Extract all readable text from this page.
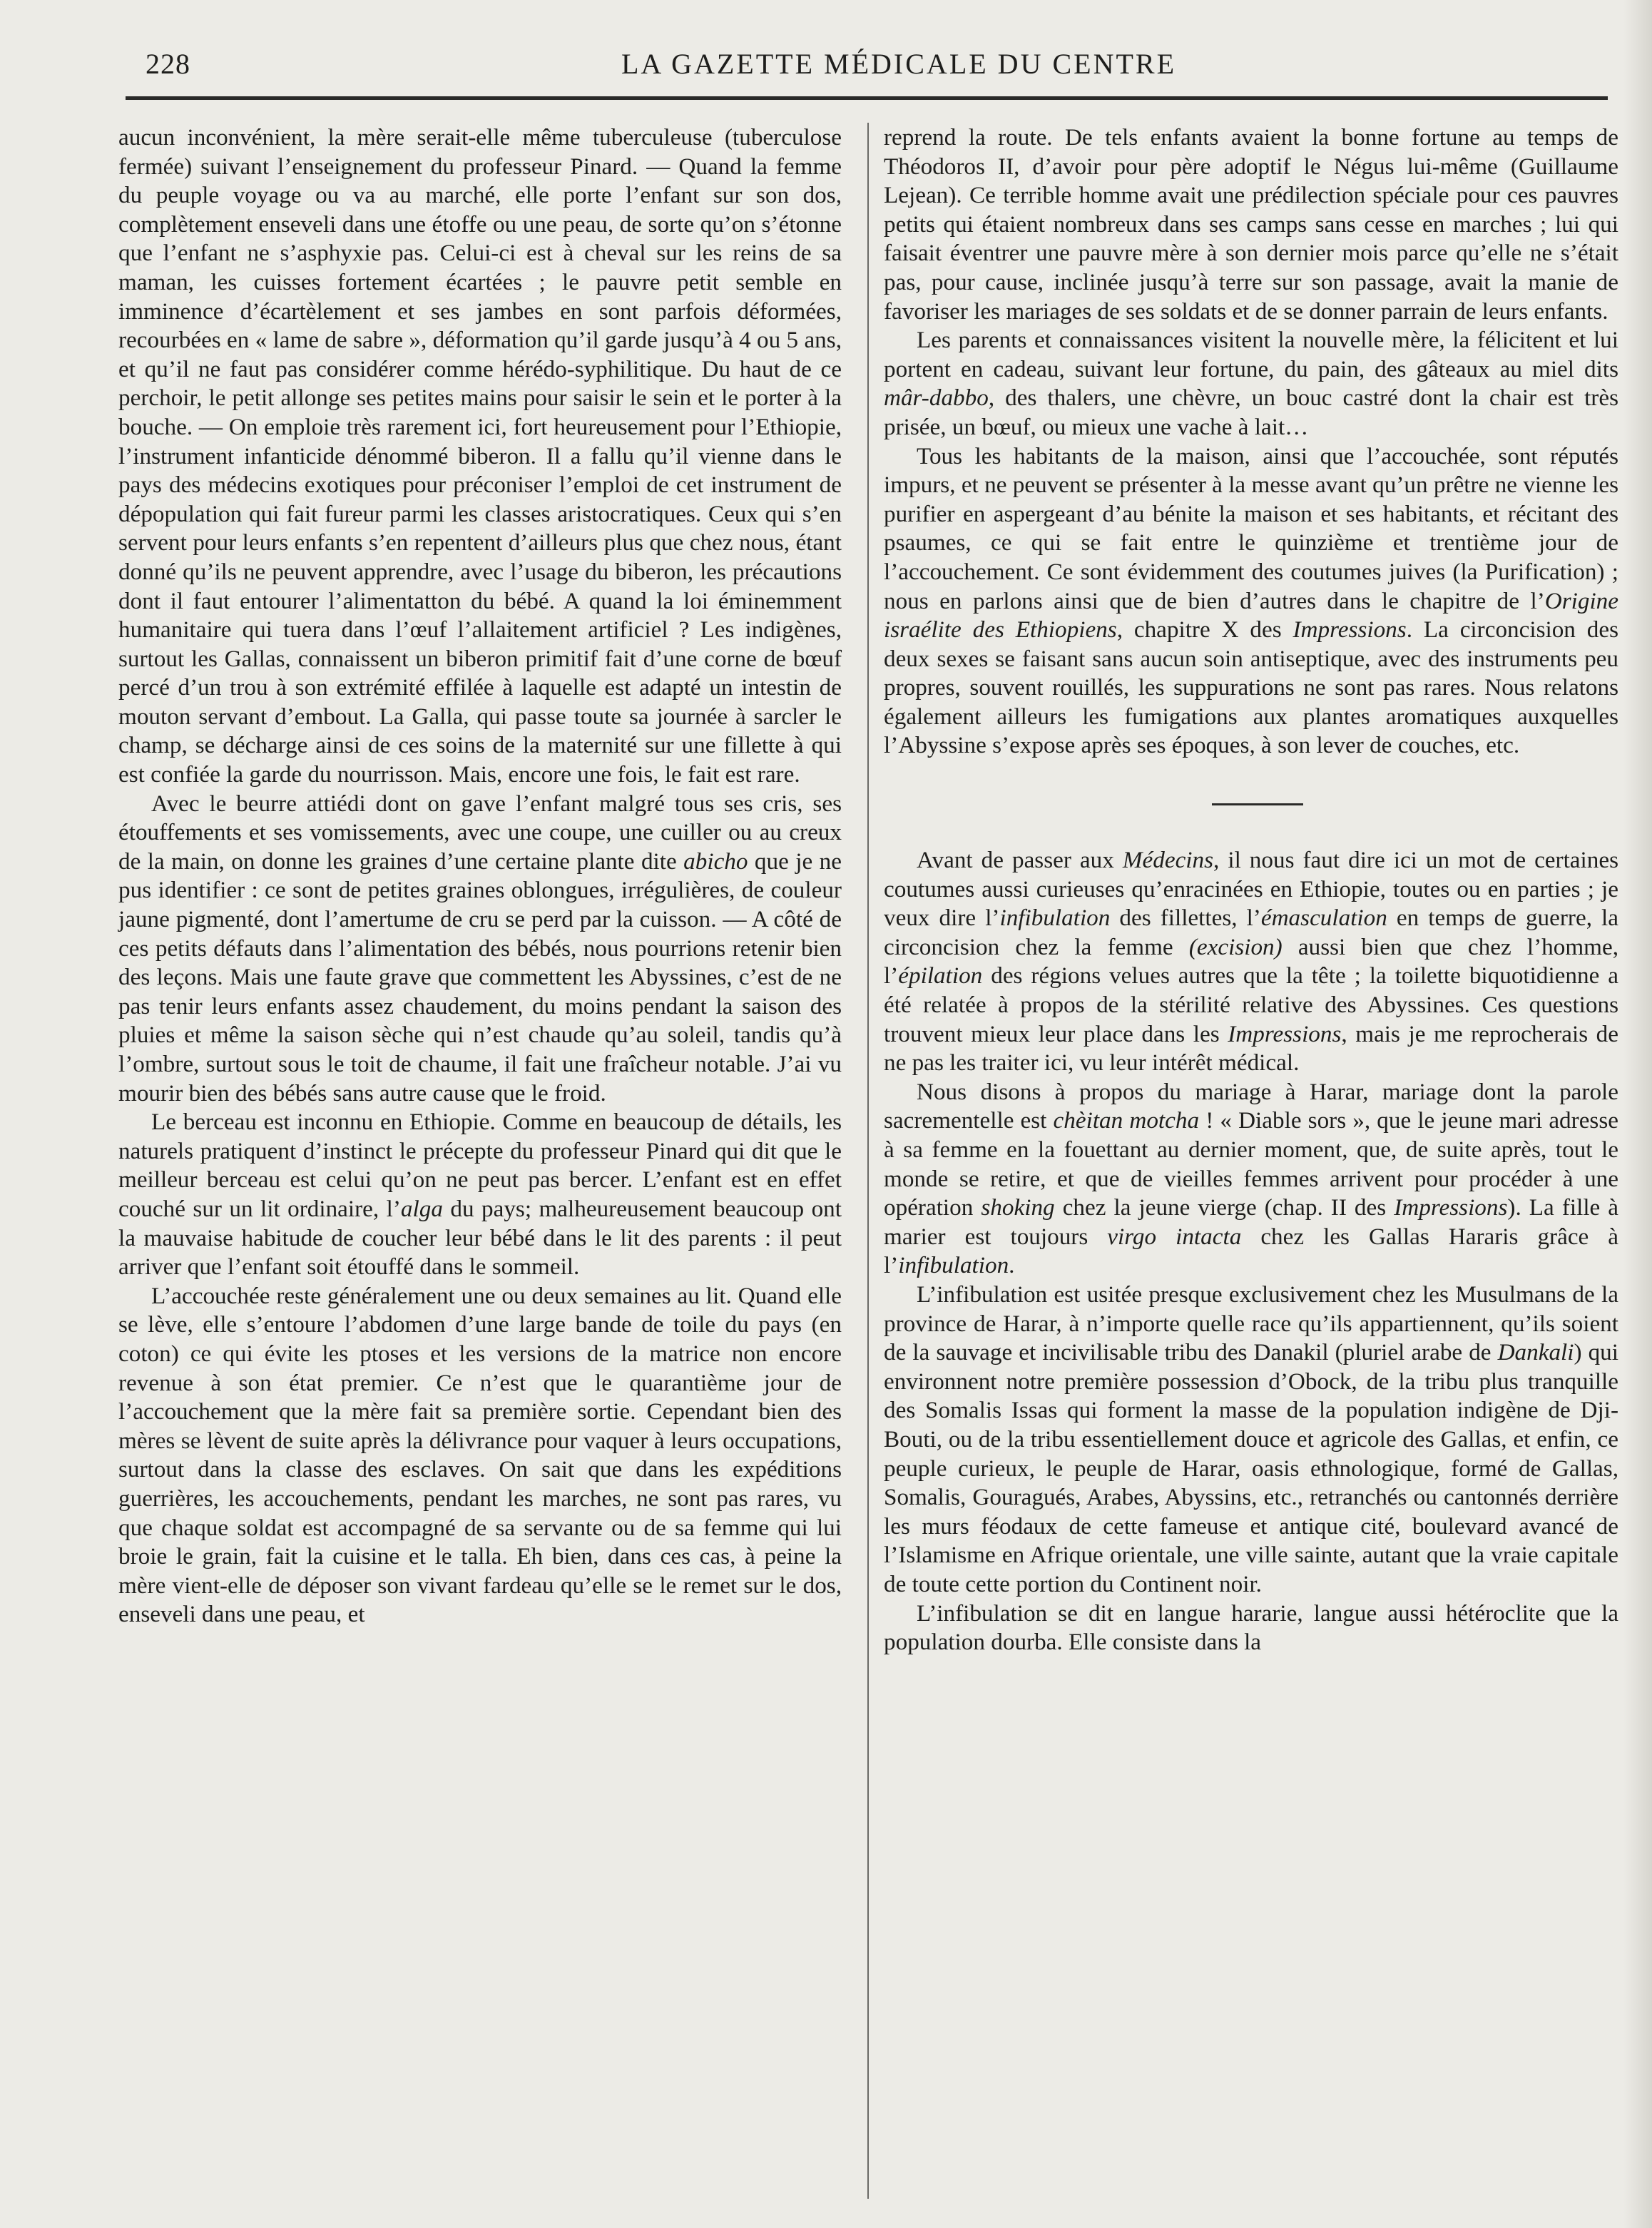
228	LA GAZETTE MÉDICALE DU CENTRE

aucun inconvénient, la mère serait-elle même tuberculeuse (tuberculose fermée) suivant l’enseignement du professeur Pinard. — Quand la femme du peuple voyage ou va au marché, elle porte l’enfant sur son dos, complètement enseveli dans une étoffe ou une peau, de sorte qu’on s’étonne que l’enfant ne s’asphyxie pas. Celui-ci est à cheval sur les reins de sa maman, les cuisses fortement écartées ; le pauvre petit semble en imminence d’écartèlement et ses jambes en sont parfois déformées, recourbées en « lame de sabre », déformation qu’il garde jusqu’à 4 ou 5 ans, et qu’il ne faut pas considérer comme hérédo-syphilitique. Du haut de ce perchoir, le petit allonge ses petites mains pour saisir le sein et le porter à la bouche. — On emploie très rarement ici, fort heureusement pour l’Ethiopie, l’instrument infanticide dénommé biberon. Il a fallu qu’il vienne dans le pays des médecins exotiques pour préconiser l’emploi de cet instrument de dépopulation qui fait fureur parmi les classes aristocratiques. Ceux qui s’en servent pour leurs enfants s’en repentent d’ailleurs plus que chez nous, étant donné qu’ils ne peuvent apprendre, avec l’usage du biberon, les précautions dont il faut entourer l’alimentatton du bébé. A quand la loi éminemment humanitaire qui tuera dans l’œuf l’allaitement artificiel ? Les indigènes, surtout les Gallas, connaissent un biberon primitif fait d’une corne de bœuf percé d’un trou à son extrémité effilée à laquelle est adapté un intestin de mouton servant d’embout. La Galla, qui passe toute sa journée à sarcler le champ, se décharge ainsi de ces soins de la maternité sur une fillette à qui est confiée la garde du nourrisson. Mais, encore une fois, le fait est rare.

Avec le beurre attiédi dont on gave l’enfant malgré tous ses cris, ses étouffements et ses vomissements, avec une coupe, une cuiller ou au creux de la main, on donne les graines d’une certaine plante dite abicho que je ne pus identifier : ce sont de petites graines oblongues, irrégulières, de couleur jaune pigmenté, dont l’amertume de cru se perd par la cuisson. — A côté de ces petits défauts dans l’alimentation des bébés, nous pourrions retenir bien des leçons. Mais une faute grave que commettent les Abyssines, c’est de ne pas tenir leurs enfants assez chaudement, du moins pendant la saison des pluies et même la saison sèche qui n’est chaude qu’au soleil, tandis qu’à l’ombre, surtout sous le toit de chaume, il fait une fraîcheur notable. J’ai vu mourir bien des bébés sans autre cause que le froid.

Le berceau est inconnu en Ethiopie. Comme en beaucoup de détails, les naturels pratiquent d’instinct le précepte du professeur Pinard qui dit que le meilleur berceau est celui qu’on ne peut pas bercer. L’enfant est en effet couché sur un lit ordinaire, l’alga du pays; malheureusement beaucoup ont la mauvaise habitude de coucher leur bébé dans le lit des parents : il peut arriver que l’enfant soit étouffé dans le sommeil.

L’accouchée reste généralement une ou deux semaines au lit. Quand elle se lève, elle s’entoure l’abdomen d’une large bande de toile du pays (en coton) ce qui évite les ptoses et les versions de la matrice non encore revenue à son état premier. Ce n’est que le quarantième jour de l’accouchement que la mère fait sa première sortie. Cependant bien des mères se lèvent de suite après la délivrance pour vaquer à leurs occupations, surtout dans la classe des esclaves. On sait que dans les expéditions guerrières, les accouchements, pendant les marches, ne sont pas rares, vu que chaque soldat est accompagné de sa servante ou de sa femme qui lui broie le grain, fait la cuisine et le talla. Eh bien, dans ces cas, à peine la mère vient-elle de déposer son vivant fardeau qu’elle se le remet sur le dos, enseveli dans une peau, et

reprend la route. De tels enfants avaient la bonne fortune au temps de Théodoros II, d’avoir pour père adoptif le Négus lui-même (Guillaume Lejean). Ce terrible homme avait une prédilection spéciale pour ces pauvres petits qui étaient nombreux dans ses camps sans cesse en marches ; lui qui faisait éventrer une pauvre mère à son dernier mois parce qu’elle ne s’était pas, pour cause, inclinée jusqu’à terre sur son passage, avait la manie de favoriser les mariages de ses soldats et de se donner parrain de leurs enfants.

Les parents et connaissances visitent la nouvelle mère, la félicitent et lui portent en cadeau, suivant leur fortune, du pain, des gâteaux au miel dits mâr-dabbo, des thalers, une chèvre, un bouc castré dont la chair est très prisée, un bœuf, ou mieux une vache à lait…

Tous les habitants de la maison, ainsi que l’accouchée, sont réputés impurs, et ne peuvent se présenter à la messe avant qu’un prêtre ne vienne les purifier en aspergeant d’au bénite la maison et ses habitants, et récitant des psaumes, ce qui se fait entre le quinzième et trentième jour de l’accouchement. Ce sont évidemment des coutumes juives (la Purification) ; nous en parlons ainsi que de bien d’autres dans le chapitre de l’Origine israélite des Ethiopiens, chapitre X des Impressions. La circoncision des deux sexes se faisant sans aucun soin antiseptique, avec des instruments peu propres, souvent rouillés, les suppurations ne sont pas rares. Nous relatons également ailleurs les fumigations aux plantes aromatiques auxquelles l’Abyssine s’expose après ses époques, à son lever de couches, etc.

Avant de passer aux Médecins, il nous faut dire ici un mot de certaines coutumes aussi curieuses qu’enracinées en Ethiopie, toutes ou en parties ; je veux dire l’infibulation des fillettes, l’émasculation en temps de guerre, la circoncision chez la femme (excision) aussi bien que chez l’homme, l’épilation des régions velues autres que la tête ; la toilette biquotidienne a été relatée à propos de la stérilité relative des Abyssines. Ces questions trouvent mieux leur place dans les Impressions, mais je me reprocherais de ne pas les traiter ici, vu leur intérêt médical.

Nous disons à propos du mariage à Harar, mariage dont la parole sacrementelle est chèitan motcha ! « Diable sors », que le jeune mari adresse à sa femme en la fouettant au dernier moment, que, de suite après, tout le monde se retire, et que de vieilles femmes arrivent pour procéder à une opération shoking chez la jeune vierge (chap. II des Impressions). La fille à marier est toujours virgo intacta chez les Gallas Hararis grâce à l’infibulation.

L’infibulation est usitée presque exclusivement chez les Musulmans de la province de Harar, à n’importe quelle race qu’ils appartiennent, qu’ils soient de la sauvage et incivilisable tribu des Danakil (pluriel arabe de Dankali) qui environnent notre première possession d’Obock, de la tribu plus tranquille des Somalis Issas qui forment la masse de la population indigène de Dji-Bouti, ou de la tribu essentiellement douce et agricole des Gallas, et enfin, ce peuple curieux, le peuple de Harar, oasis ethnologique, formé de Gallas, Somalis, Gouragués, Arabes, Abyssins, etc., retranchés ou cantonnés derrière les murs féodaux de cette fameuse et antique cité, boulevard avancé de l’Islamisme en Afrique orientale, une ville sainte, autant que la vraie capitale de toute cette portion du Continent noir.

L’infibulation se dit en langue hararie, langue aussi hétéroclite que la population dourba. Elle consiste dans la
